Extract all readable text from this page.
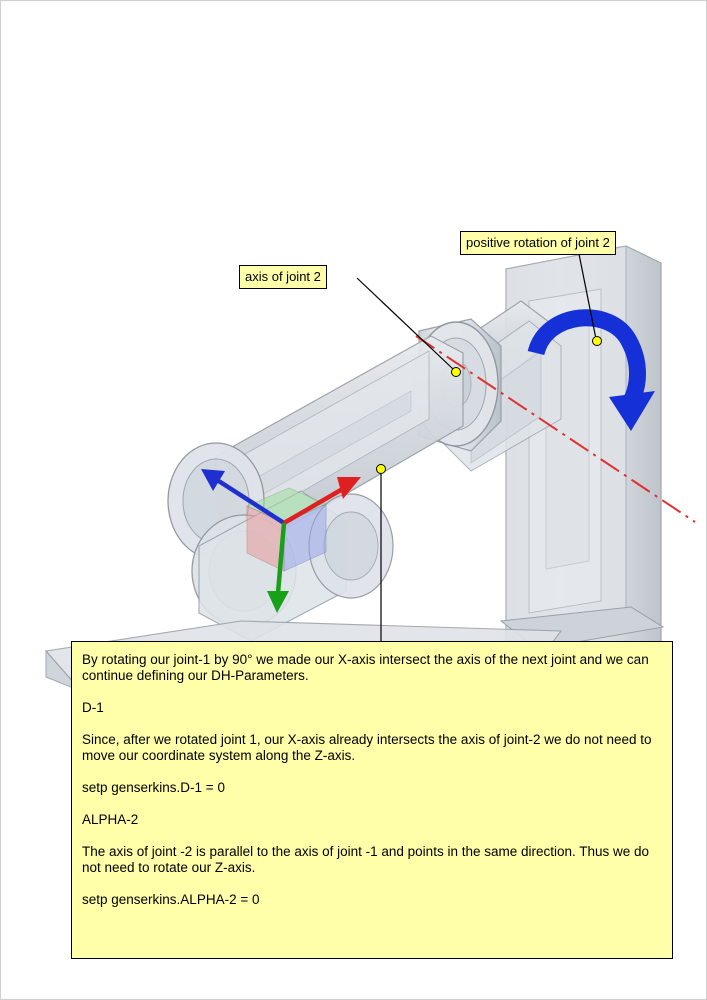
axis of joint 2
positive rotation of joint 2

By rotating our joint-1 by 90° we made our X-axis intersect the axis of the next joint and we can continue defining our DH-Parameters.

D-1

Since, after we rotated joint 1, our X-axis already intersects the axis of joint-2 we do not need to move our coordinate system along the Z-axis.

setp genserkins.D-1 = 0

ALPHA-2

The axis of joint -2 is parallel to the axis of joint -1 and points in the same direction. Thus we do not need to rotate our Z-axis.

setp genserkins.ALPHA-2 = 0
